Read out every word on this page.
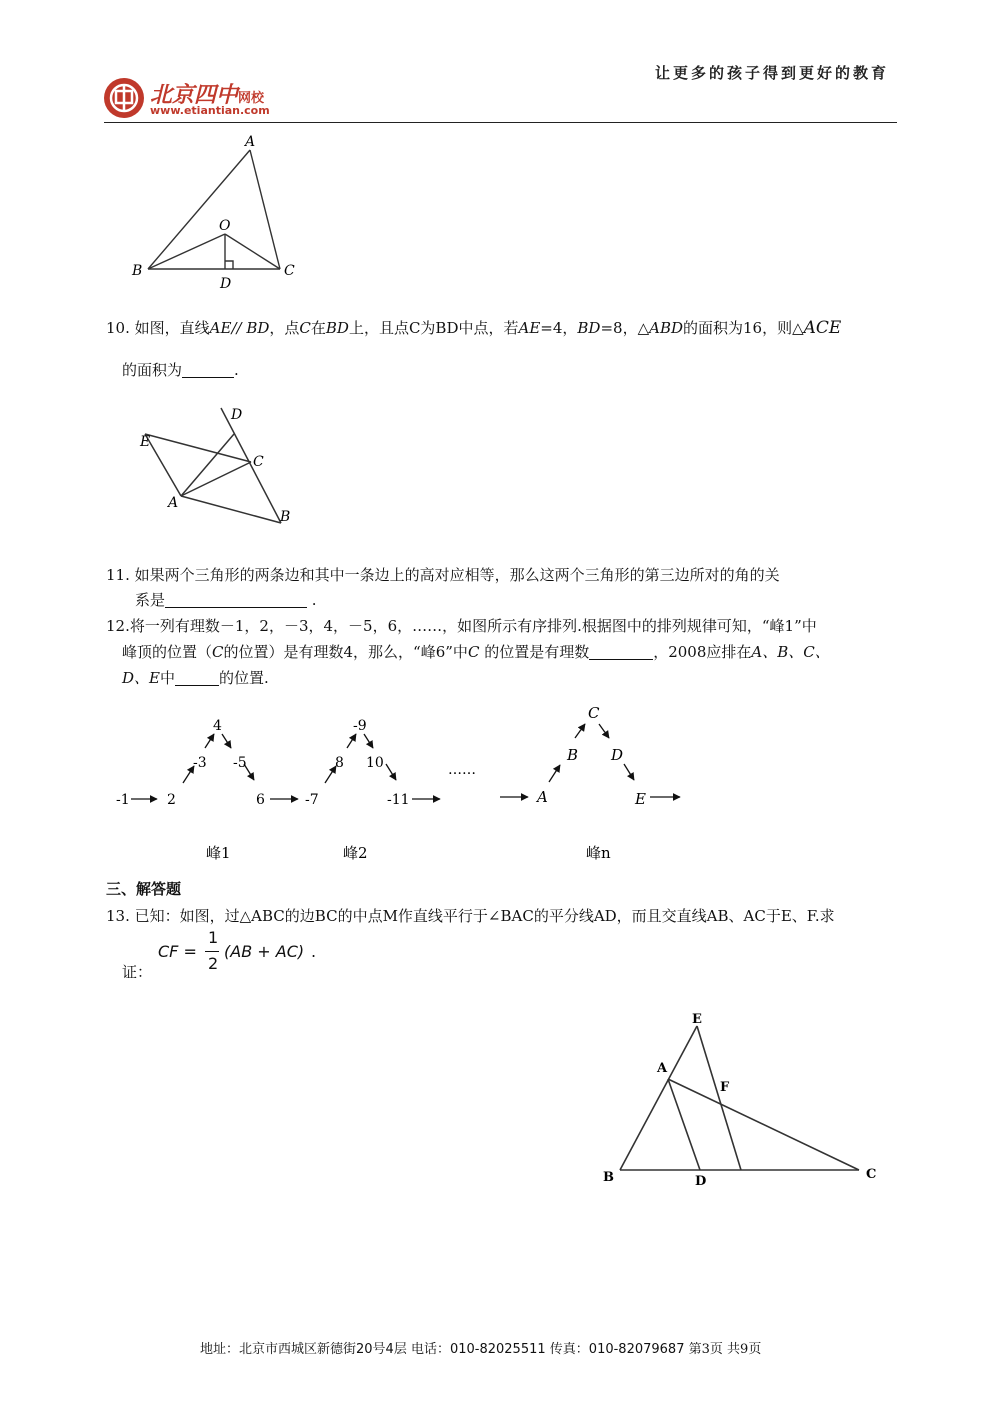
北京四中网校
www.etiantian.com
让更多的孩子得到更好的教育
A
O
B
D
C
10. 如图，直线AE// BD，点C在BD上，且点C为BD中点，若AE=4，BD=8，△ABD的面积为16，则△ACE
的面积为	.
D
E
C
A
B
11. 如果两个三角形的两条边和其中一条边上的高对应相等，那么这两个三角形的第三边所对的角的关
系是	.
12.将一列有理数－1，2，－3，4，－5，6，……，如图所示有序排列.根据图中的排列规律可知，“峰1”中
峰顶的位置（C的位置）是有理数4，那么，“峰6”中C 的位置是有理数	，2008应排在A、B、C、
D、E中	的位置.
-1	2
-3
4
-5
6	-7
8
-9
10
-11
……
A
B
C
D
E
峰1	峰2	峰n
三、解答题
13. 已知：如图，过△ABC的边BC的中点M作直线平行于∠BAC的平分线AD，而且交直线AB、AC于E、F.求
证：
CF =
1
2
(AB + AC) .
E
A
F
B	D	C
地址：北京市西城区新德街20号4层 电话：010-82025511 传真：010-82079687 第3页 共9页
